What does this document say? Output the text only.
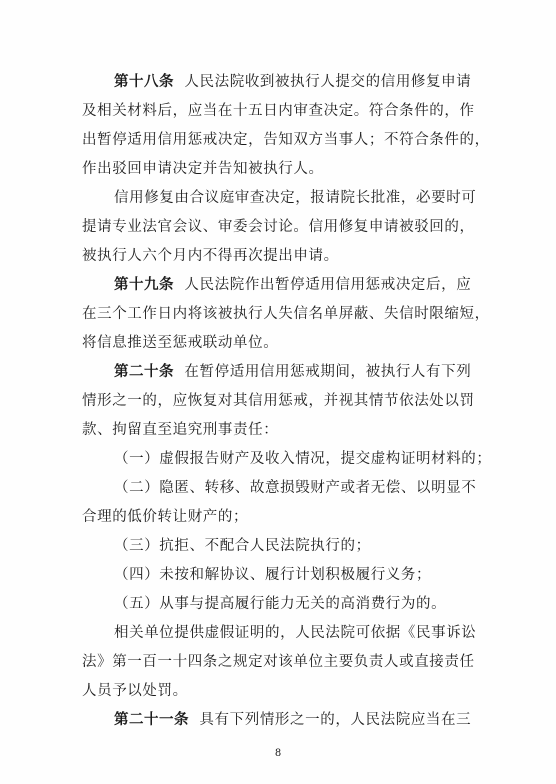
第十八条 人民法院收到被执行人提交的信用修复申请
及相关材料后，应当在十五日内审查决定。符合条件的，作
出暂停适用信用惩戒决定，告知双方当事人；不符合条件的，
作出驳回申请决定并告知被执行人。
信用修复由合议庭审查决定，报请院长批准，必要时可
提请专业法官会议、审委会讨论。信用修复申请被驳回的，
被执行人六个月内不得再次提出申请。
第十九条 人民法院作出暂停适用信用惩戒决定后，应
在三个工作日内将该被执行人失信名单屏蔽、失信时限缩短，
将信息推送至惩戒联动单位。
第二十条 在暂停适用信用惩戒期间，被执行人有下列
情形之一的，应恢复对其信用惩戒，并视其情节依法处以罚
款、拘留直至追究刑事责任：
（一）虚假报告财产及收入情况，提交虚构证明材料的；
（二）隐匿、转移、故意损毁财产或者无偿、以明显不
合理的低价转让财产的；
（三）抗拒、不配合人民法院执行的；
（四）未按和解协议、履行计划积极履行义务；
（五）从事与提高履行能力无关的高消费行为的。
相关单位提供虚假证明的，人民法院可依据《民事诉讼
法》第一百一十四条之规定对该单位主要负责人或直接责任
人员予以处罚。
第二十一条 具有下列情形之一的，人民法院应当在三
8
